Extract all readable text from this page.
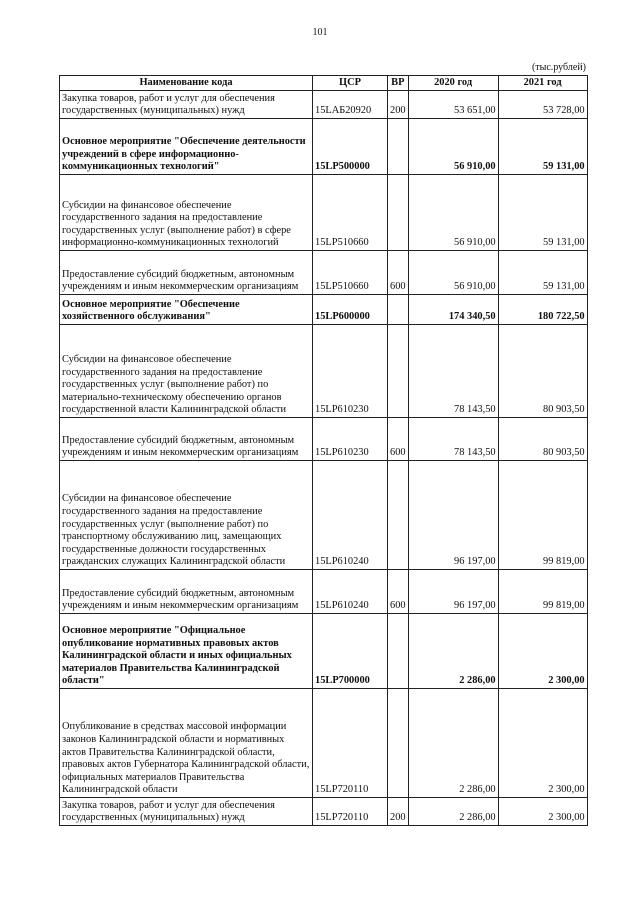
101
(тыс.рублей)
Наименование кода	ЦСР	ВР	2020 год	2021 год
Закупка товаров, работ и услуг для обеспечения государственных (муниципальных) нужд	15LАБ20920	200	53 651,00	53 728,00
Основное мероприятие "Обеспечение деятельности учреждений в сфере информационно-коммуникационных технологий"	15LP500000		56 910,00	59 131,00
Субсидии на финансовое обеспечение государственного задания на предоставление государственных услуг (выполнение работ) в сфере информационно-коммуникационных технологий	15LP510660		56 910,00	59 131,00
Предоставление субсидий бюджетным, автономным учреждениям и иным некоммерческим организациям	15LP510660	600	56 910,00	59 131,00
Основное мероприятие "Обеспечение хозяйственного обслуживания"	15LP600000		174 340,50	180 722,50
Субсидии на финансовое обеспечение государственного задания на предоставление государственных услуг (выполнение работ) по материально-техническому обеспечению органов государственной власти Калининградской области	15LP610230		78 143,50	80 903,50
Предоставление субсидий бюджетным, автономным учреждениям и иным некоммерческим организациям	15LP610230	600	78 143,50	80 903,50
Субсидии на финансовое обеспечение государственного задания на предоставление государственных услуг (выполнение работ) по транспортному обслуживанию лиц, замещающих государственные должности государственных гражданских служащих Калининградской области	15LP610240		96 197,00	99 819,00
Предоставление субсидий бюджетным, автономным учреждениям и иным некоммерческим организациям	15LP610240	600	96 197,00	99 819,00
Основное мероприятие "Официальное опубликование нормативных правовых актов Калининградской области и иных официальных материалов Правительства Калининградской области"	15LP700000		2 286,00	2 300,00
Опубликование в средствах массовой информации законов Калининградской области и нормативных актов Правительства Калининградской области, правовых актов Губернатора Калининградской области, официальных материалов Правительства Калининградской области	15LP720110		2 286,00	2 300,00
Закупка товаров, работ и услуг для обеспечения государственных (муниципальных) нужд	15LP720110	200	2 286,00	2 300,00
